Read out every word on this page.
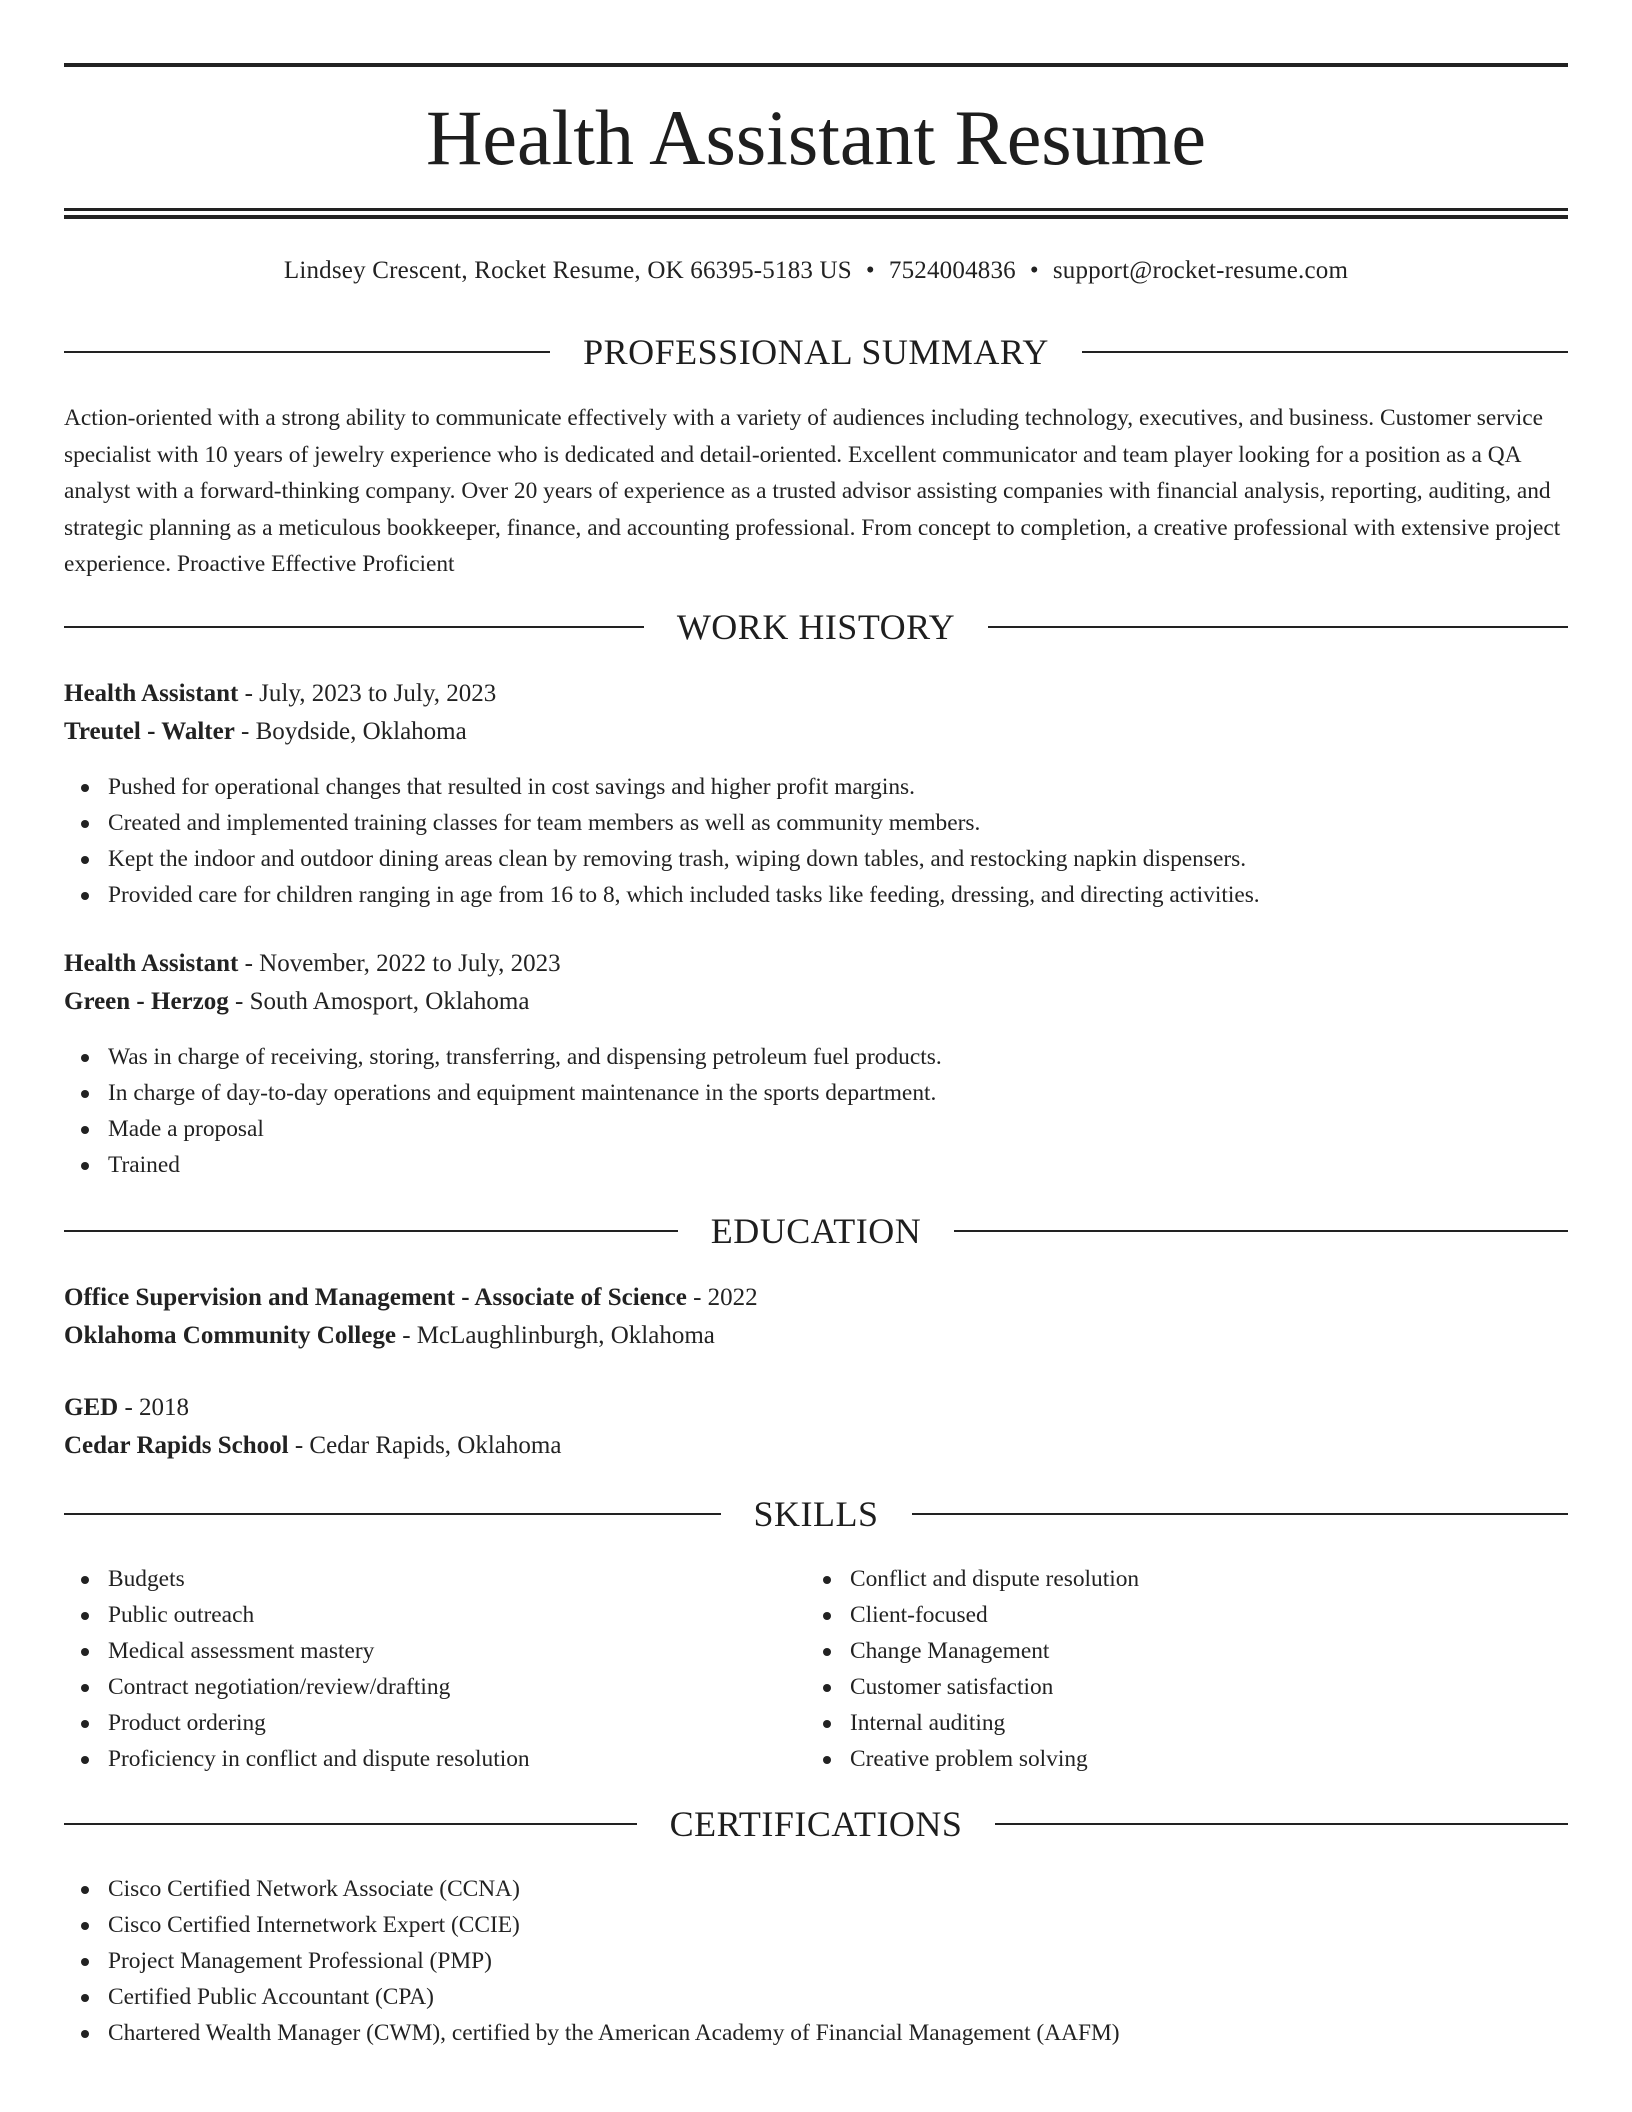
Health Assistant Resume
Lindsey Crescent, Rocket Resume, OK 66395-5183 US • 7524004836 • support@rocket-resume.com
PROFESSIONAL SUMMARY

Action-oriented with a strong ability to communicate effectively with a variety of audiences including technology, executives, and business. Customer service specialist with 10 years of jewelry experience who is dedicated and detail-oriented. Excellent communicator and team player looking for a position as a QA analyst with a forward-thinking company. Over 20 years of experience as a trusted advisor assisting companies with financial analysis, reporting, auditing, and strategic planning as a meticulous bookkeeper, finance, and accounting professional. From concept to completion, a creative professional with extensive project experience. Proactive Effective Proficient

WORK HISTORY
Health Assistant - July, 2023 to July, 2023
Treutel - Walter - Boydside, Oklahoma
Pushed for operational changes that resulted in cost savings and higher profit margins.
Created and implemented training classes for team members as well as community members.
Kept the indoor and outdoor dining areas clean by removing trash, wiping down tables, and restocking napkin dispensers.
Provided care for children ranging in age from 16 to 8, which included tasks like feeding, dressing, and directing activities.
Health Assistant - November, 2022 to July, 2023
Green - Herzog - South Amosport, Oklahoma
Was in charge of receiving, storing, transferring, and dispensing petroleum fuel products.
In charge of day-to-day operations and equipment maintenance in the sports department.
Made a proposal
Trained
EDUCATION
Office Supervision and Management - Associate of Science - 2022
Oklahoma Community College - McLaughlinburgh, Oklahoma
GED - 2018
Cedar Rapids School - Cedar Rapids, Oklahoma
SKILLS
Budgets
Public outreach
Medical assessment mastery
Contract negotiation/review/drafting
Product ordering
Proficiency in conflict and dispute resolution
Conflict and dispute resolution
Client-focused
Change Management
Customer satisfaction
Internal auditing
Creative problem solving
CERTIFICATIONS
Cisco Certified Network Associate (CCNA)
Cisco Certified Internetwork Expert (CCIE)
Project Management Professional (PMP)
Certified Public Accountant (CPA)
Chartered Wealth Manager (CWM), certified by the American Academy of Financial Management (AAFM)
